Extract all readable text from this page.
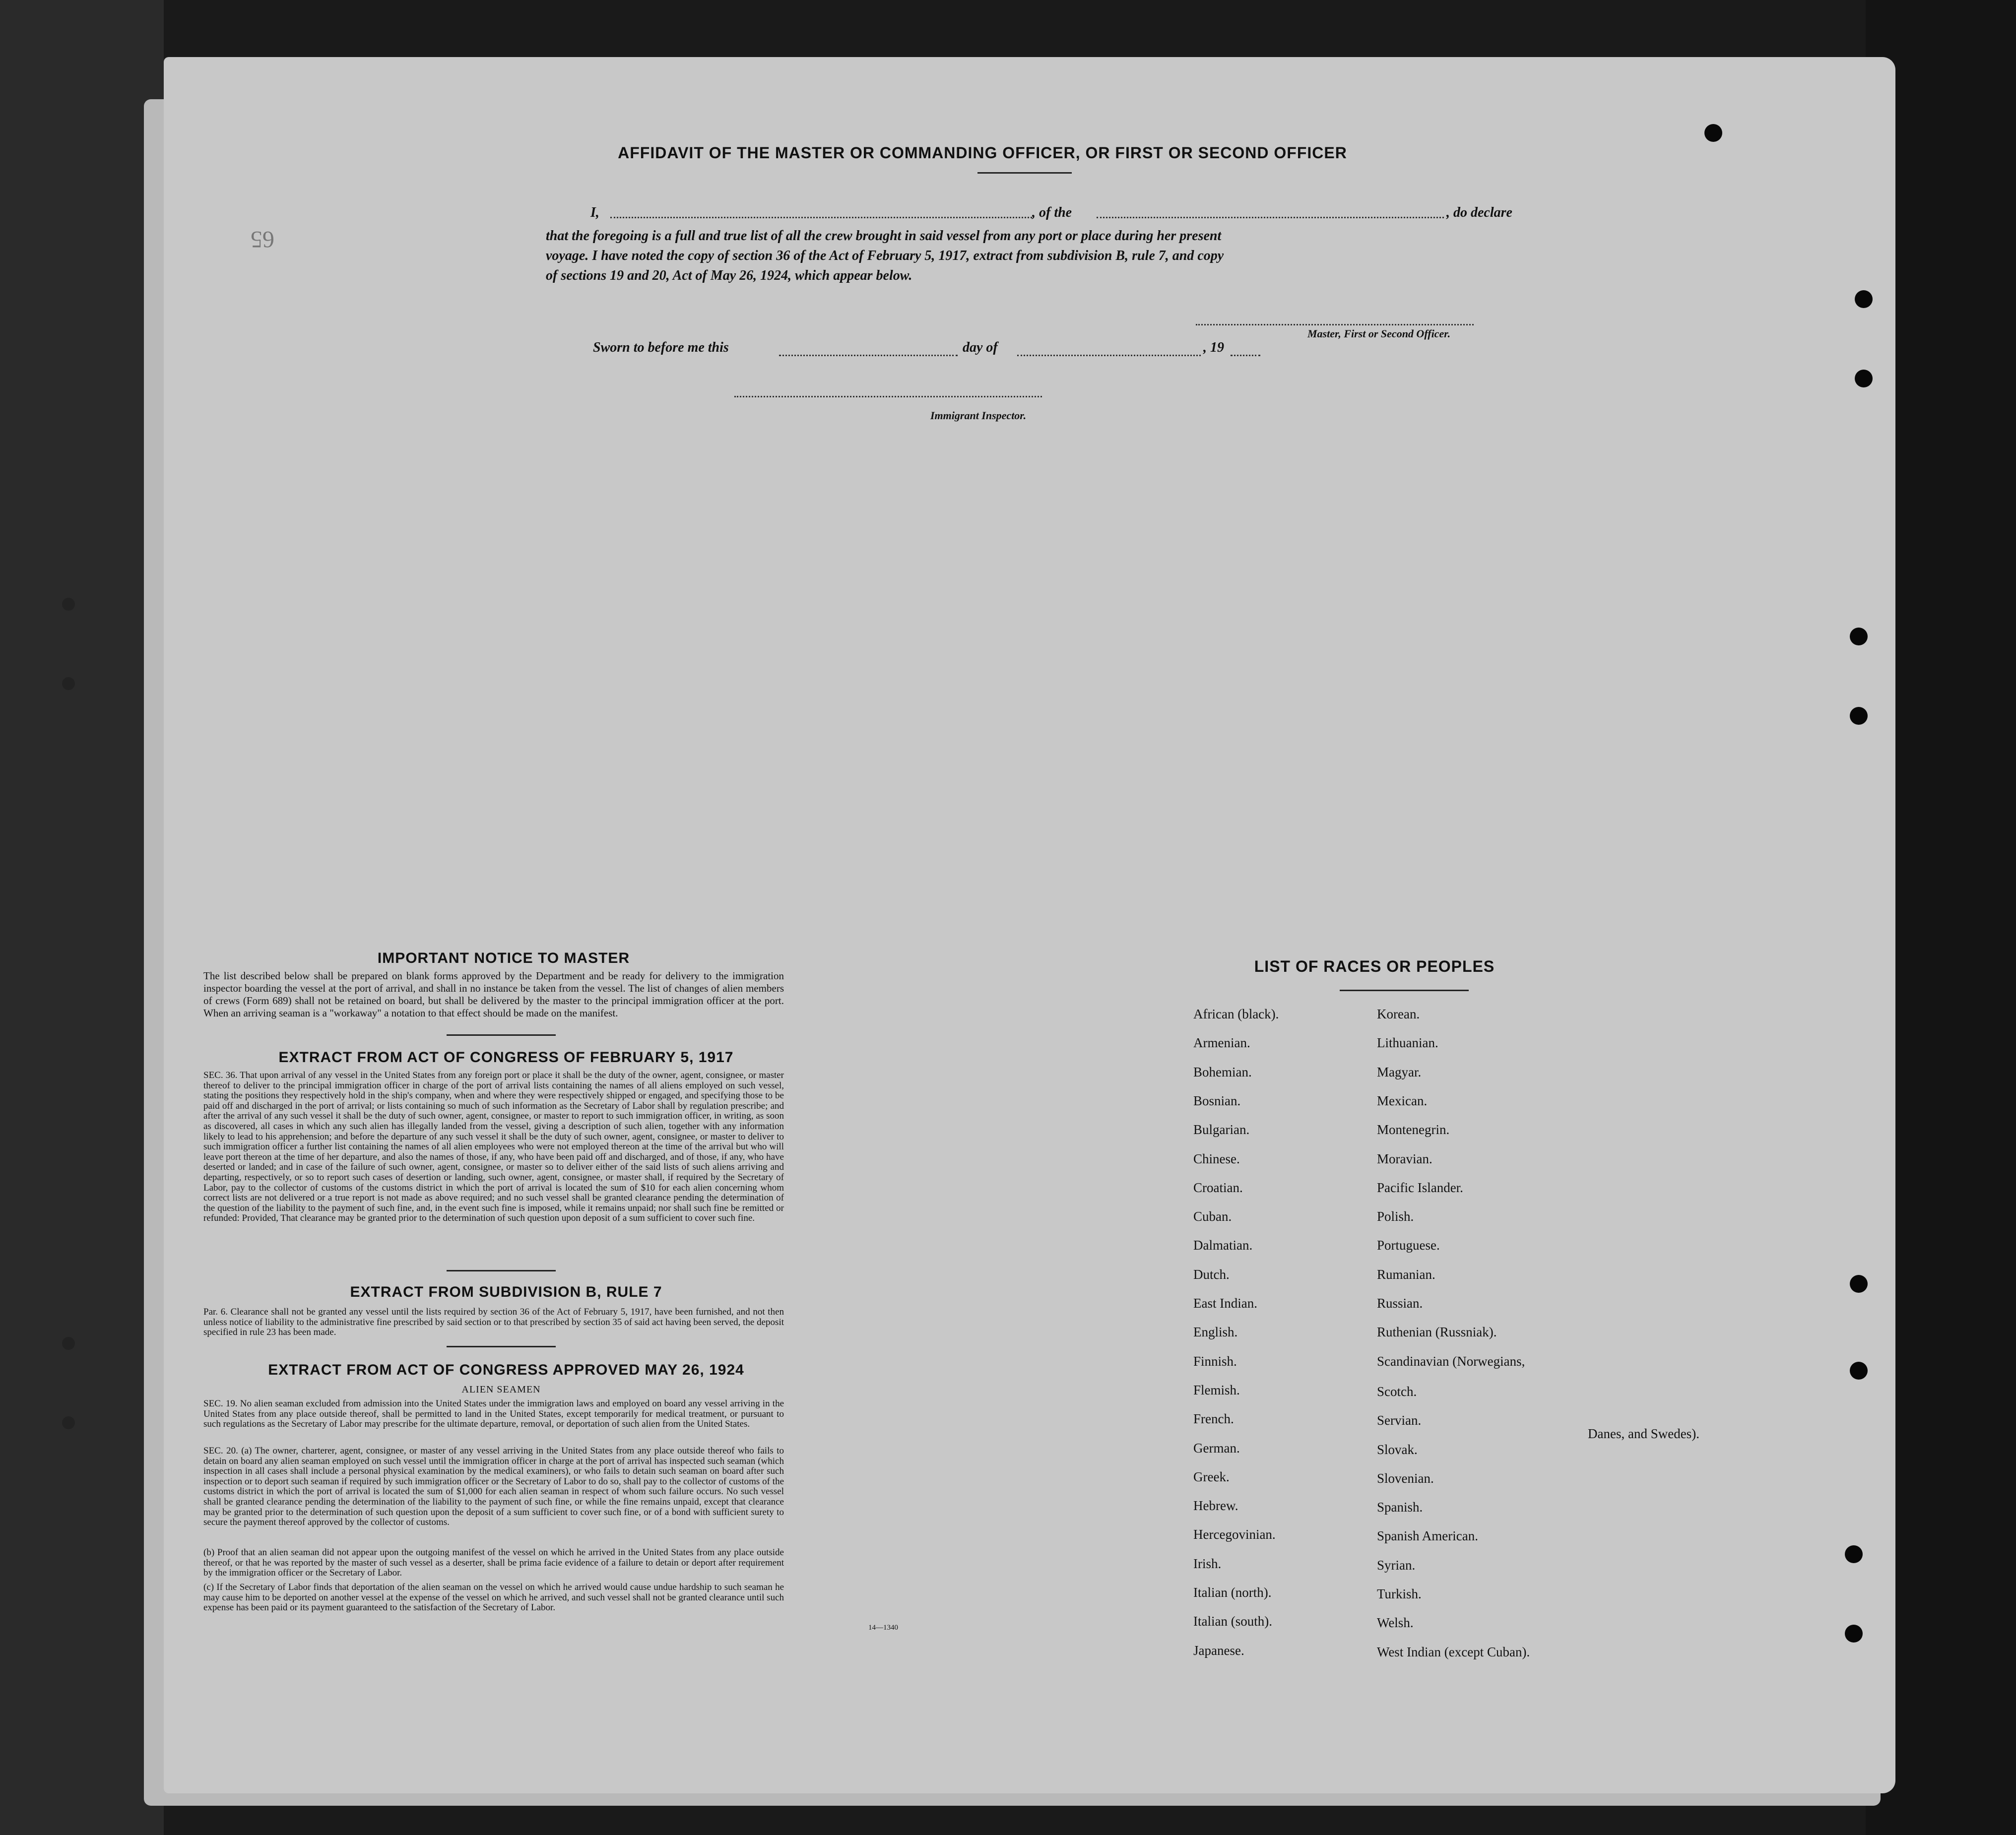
65
AFFIDAVIT OF THE MASTER OR COMMANDING OFFICER, OR FIRST OR SECOND OFFICER
I,	, of the	, do declare
that the foregoing is a full and true list of all the crew brought in said vessel from any port or place during her present
voyage. I have noted the copy of section 36 of the Act of February 5, 1917, extract from subdivision B, rule 7, and copy
of sections 19 and 20, Act of May 26, 1924, which appear below.
Master, First or Second Officer.
Sworn to before me this	day of	, 19
Immigrant Inspector.
IMPORTANT NOTICE TO MASTER
The list described below shall be prepared on blank forms approved by the Department and be ready for delivery to the immigration inspector boarding the vessel at the port of arrival, and shall in no instance be taken from the vessel. The list of changes of alien members of crews (Form 689) shall not be retained on board, but shall be delivered by the master to the principal immigration officer at the port. When an arriving seaman is a "workaway" a notation to that effect should be made on the manifest.
EXTRACT FROM ACT OF CONGRESS OF FEBRUARY 5, 1917
SEC. 36. That upon arrival of any vessel in the United States from any foreign port or place it shall be the duty of the owner, agent, consignee, or master thereof to deliver to the principal immigration officer in charge of the port of arrival lists containing the names of all aliens employed on such vessel, stating the positions they respectively hold in the ship's company, when and where they were respectively shipped or engaged, and specifying those to be paid off and discharged in the port of arrival; or lists containing so much of such information as the Secretary of Labor shall by regulation prescribe; and after the arrival of any such vessel it shall be the duty of such owner, agent, consignee, or master to report to such immigration officer, in writing, as soon as discovered, all cases in which any such alien has illegally landed from the vessel, giving a description of such alien, together with any information likely to lead to his apprehension; and before the departure of any such vessel it shall be the duty of such owner, agent, consignee, or master to deliver to such immigration officer a further list containing the names of all alien employees who were not employed thereon at the time of the arrival but who will leave port thereon at the time of her departure, and also the names of those, if any, who have been paid off and discharged, and of those, if any, who have deserted or landed; and in case of the failure of such owner, agent, consignee, or master so to deliver either of the said lists of such aliens arriving and departing, respectively, or so to report such cases of desertion or landing, such owner, agent, consignee, or master shall, if required by the Secretary of Labor, pay to the collector of customs of the customs district in which the port of arrival is located the sum of $10 for each alien concerning whom correct lists are not delivered or a true report is not made as above required; and no such vessel shall be granted clearance pending the determination of the question of the liability to the payment of such fine, and, in the event such fine is imposed, while it remains unpaid; nor shall such fine be remitted or refunded: Provided, That clearance may be granted prior to the determination of such question upon deposit of a sum sufficient to cover such fine.
EXTRACT FROM SUBDIVISION B, RULE 7
Par. 6. Clearance shall not be granted any vessel until the lists required by section 36 of the Act of February 5, 1917, have been furnished, and not then unless notice of liability to the administrative fine prescribed by said section or to that prescribed by section 35 of said act having been served, the deposit specified in rule 23 has been made.
EXTRACT FROM ACT OF CONGRESS APPROVED MAY 26, 1924
ALIEN SEAMEN
SEC. 19. No alien seaman excluded from admission into the United States under the immigration laws and employed on board any vessel arriving in the United States from any place outside thereof, shall be permitted to land in the United States, except temporarily for medical treatment, or pursuant to such regulations as the Secretary of Labor may prescribe for the ultimate departure, removal, or deportation of such alien from the United States.
SEC. 20. (a) The owner, charterer, agent, consignee, or master of any vessel arriving in the United States from any place outside thereof who fails to detain on board any alien seaman employed on such vessel until the immigration officer in charge at the port of arrival has inspected such seaman (which inspection in all cases shall include a personal physical examination by the medical examiners), or who fails to detain such seaman on board after such inspection or to deport such seaman if required by such immigration officer or the Secretary of Labor to do so, shall pay to the collector of customs of the customs district in which the port of arrival is located the sum of $1,000 for each alien seaman in respect of whom such failure occurs. No such vessel shall be granted clearance pending the determination of the liability to the payment of such fine, or while the fine remains unpaid, except that clearance may be granted prior to the determination of such question upon the deposit of a sum sufficient to cover such fine, or of a bond with sufficient surety to secure the payment thereof approved by the collector of customs.
(b) Proof that an alien seaman did not appear upon the outgoing manifest of the vessel on which he arrived in the United States from any place outside thereof, or that he was reported by the master of such vessel as a deserter, shall be prima facie evidence of a failure to detain or deport after requirement by the immigration officer or the Secretary of Labor.
(c) If the Secretary of Labor finds that deportation of the alien seaman on the vessel on which he arrived would cause undue hardship to such seaman he may cause him to be deported on another vessel at the expense of the vessel on which he arrived, and such vessel shall not be granted clearance until such expense has been paid or its payment guaranteed to the satisfaction of the Secretary of Labor.
14—1340
LIST OF RACES OR PEOPLES
Danes, and Swedes).
African (black).
Armenian.
Bohemian.
Bosnian.
Bulgarian.
Chinese.
Croatian.
Cuban.
Dalmatian.
Dutch.
East Indian.
English.
Finnish.
Flemish.
French.
German.
Greek.
Hebrew.
Hercegovinian.
Irish.
Italian (north).
Italian (south).
Japanese.
Korean.
Lithuanian.
Magyar.
Mexican.
Montenegrin.
Moravian.
Pacific Islander.
Polish.
Portuguese.
Rumanian.
Russian.
Ruthenian (Russniak).
Scandinavian (Norwegians,
Scotch.
Servian.
Slovak.
Slovenian.
Spanish.
Spanish American.
Syrian.
Turkish.
Welsh.
West Indian (except Cuban).
